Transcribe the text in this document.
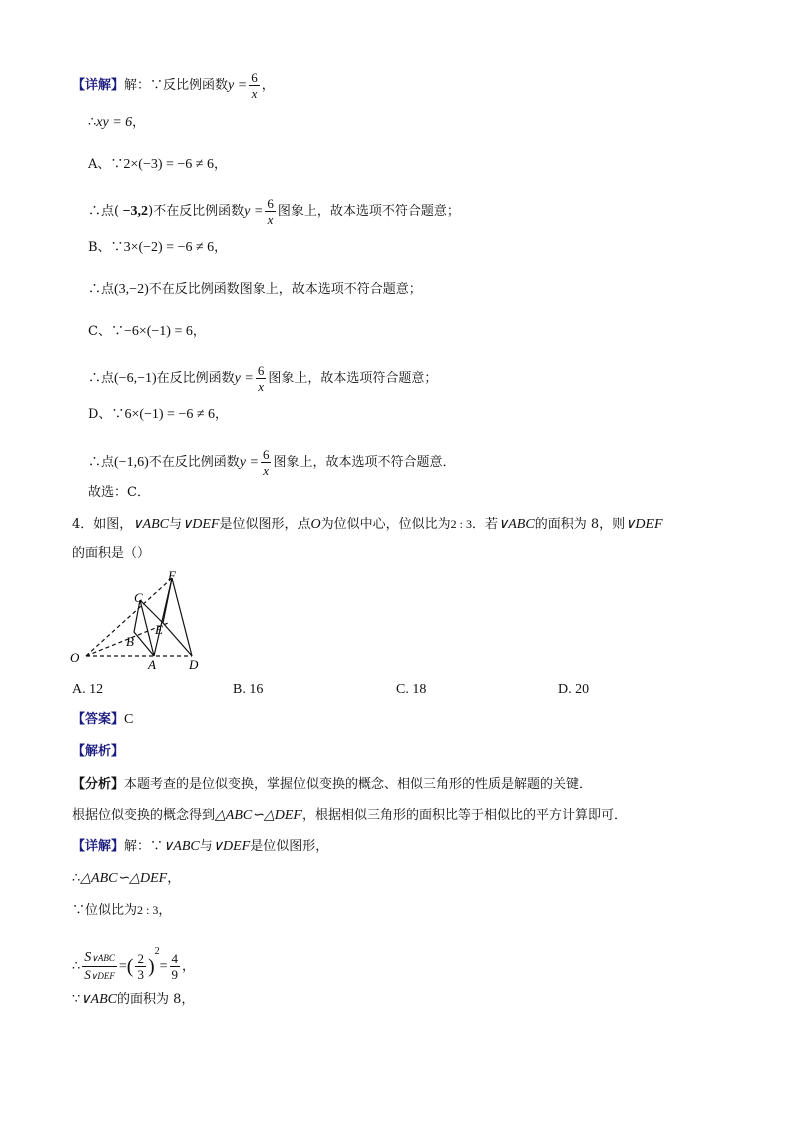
【详解】解：∵反比例函数$y = \frac{6}{x}$ ，
∴xy = 6，
A、∵2×(−3) = −6 ≠ 6，
∴点( −3,2)不在反比例函数$y = \frac{6}{x}$ 图象上，故本选项不符合题意；
B、∵3×(−2) = −6 ≠ 6，
∴点(3,−2)不在反比例函数图象上，故本选项不符合题意；
C、∵−6×(−1) = 6，
∴点(−6,−1)在反比例函数$y = \frac{6}{x}$ 图象上，故本选项符合题意；
D、∵6×(−1) = −6 ≠ 6，
∴点(−1,6)不在反比例函数$y = \frac{6}{x}$ 图象上，故本选项不符合题意．
故选：C．
4．如图，∨ABC与∨DEF是位似图形，点O为位似中心，位似比为2 : 3．若∨ABC的面积为 8，则∨DEF
的面积是（）
O	A
B
C
D
E
F
A. 12	B. 16	C. 18	D. 20
【答案】C
【解析】
【分析】本题考查的是位似变换，掌握位似变换的概念、相似三角形的性质是解题的关键．
根据位似变换的概念得到△ABC∽△DEF，根据相似三角形的面积比等于相似比的平方计算即可．
【详解】解：∵∨ABC与∨DEF是位似图形，
∴△ABC∽△DEF，
∵位似比为2 : 3，
∴ $\frac{\text{S∨ABC}}{\text{S∨DEF}}$ =( $\frac{2}{3} )^2= \frac{4}{9}$ ，
∵∨ABC的面积为 8，
